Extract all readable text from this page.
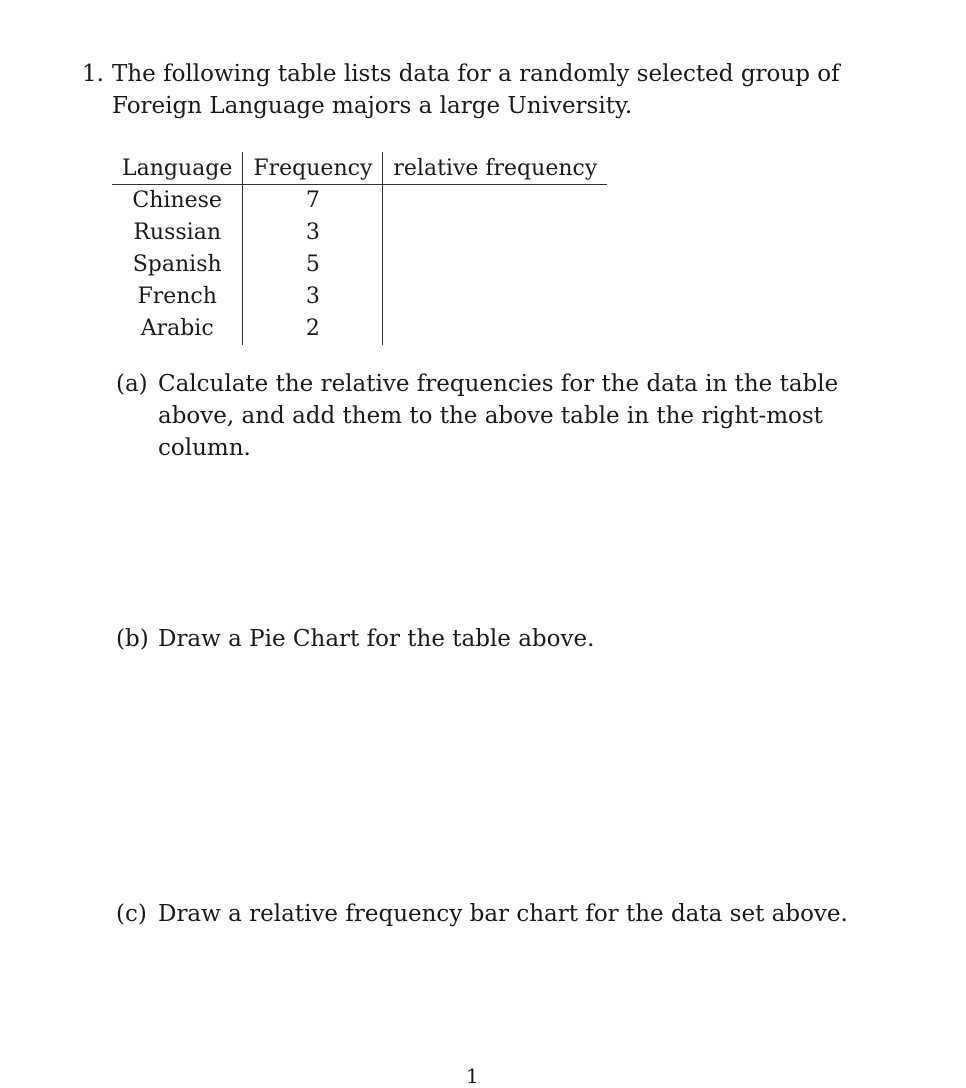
1. The following table lists data for a randomly selected group of Foreign Language majors a large University.
Language	Frequency	relative frequency
Chinese	7	
Russian	3	
Spanish	5	
French	3	
Arabic	2	
(a) Calculate the relative frequencies for the data in the table above, and add them to the above table in the right-most column.
(b) Draw a Pie Chart for the table above.
(c) Draw a relative frequency bar chart for the data set above.
1
